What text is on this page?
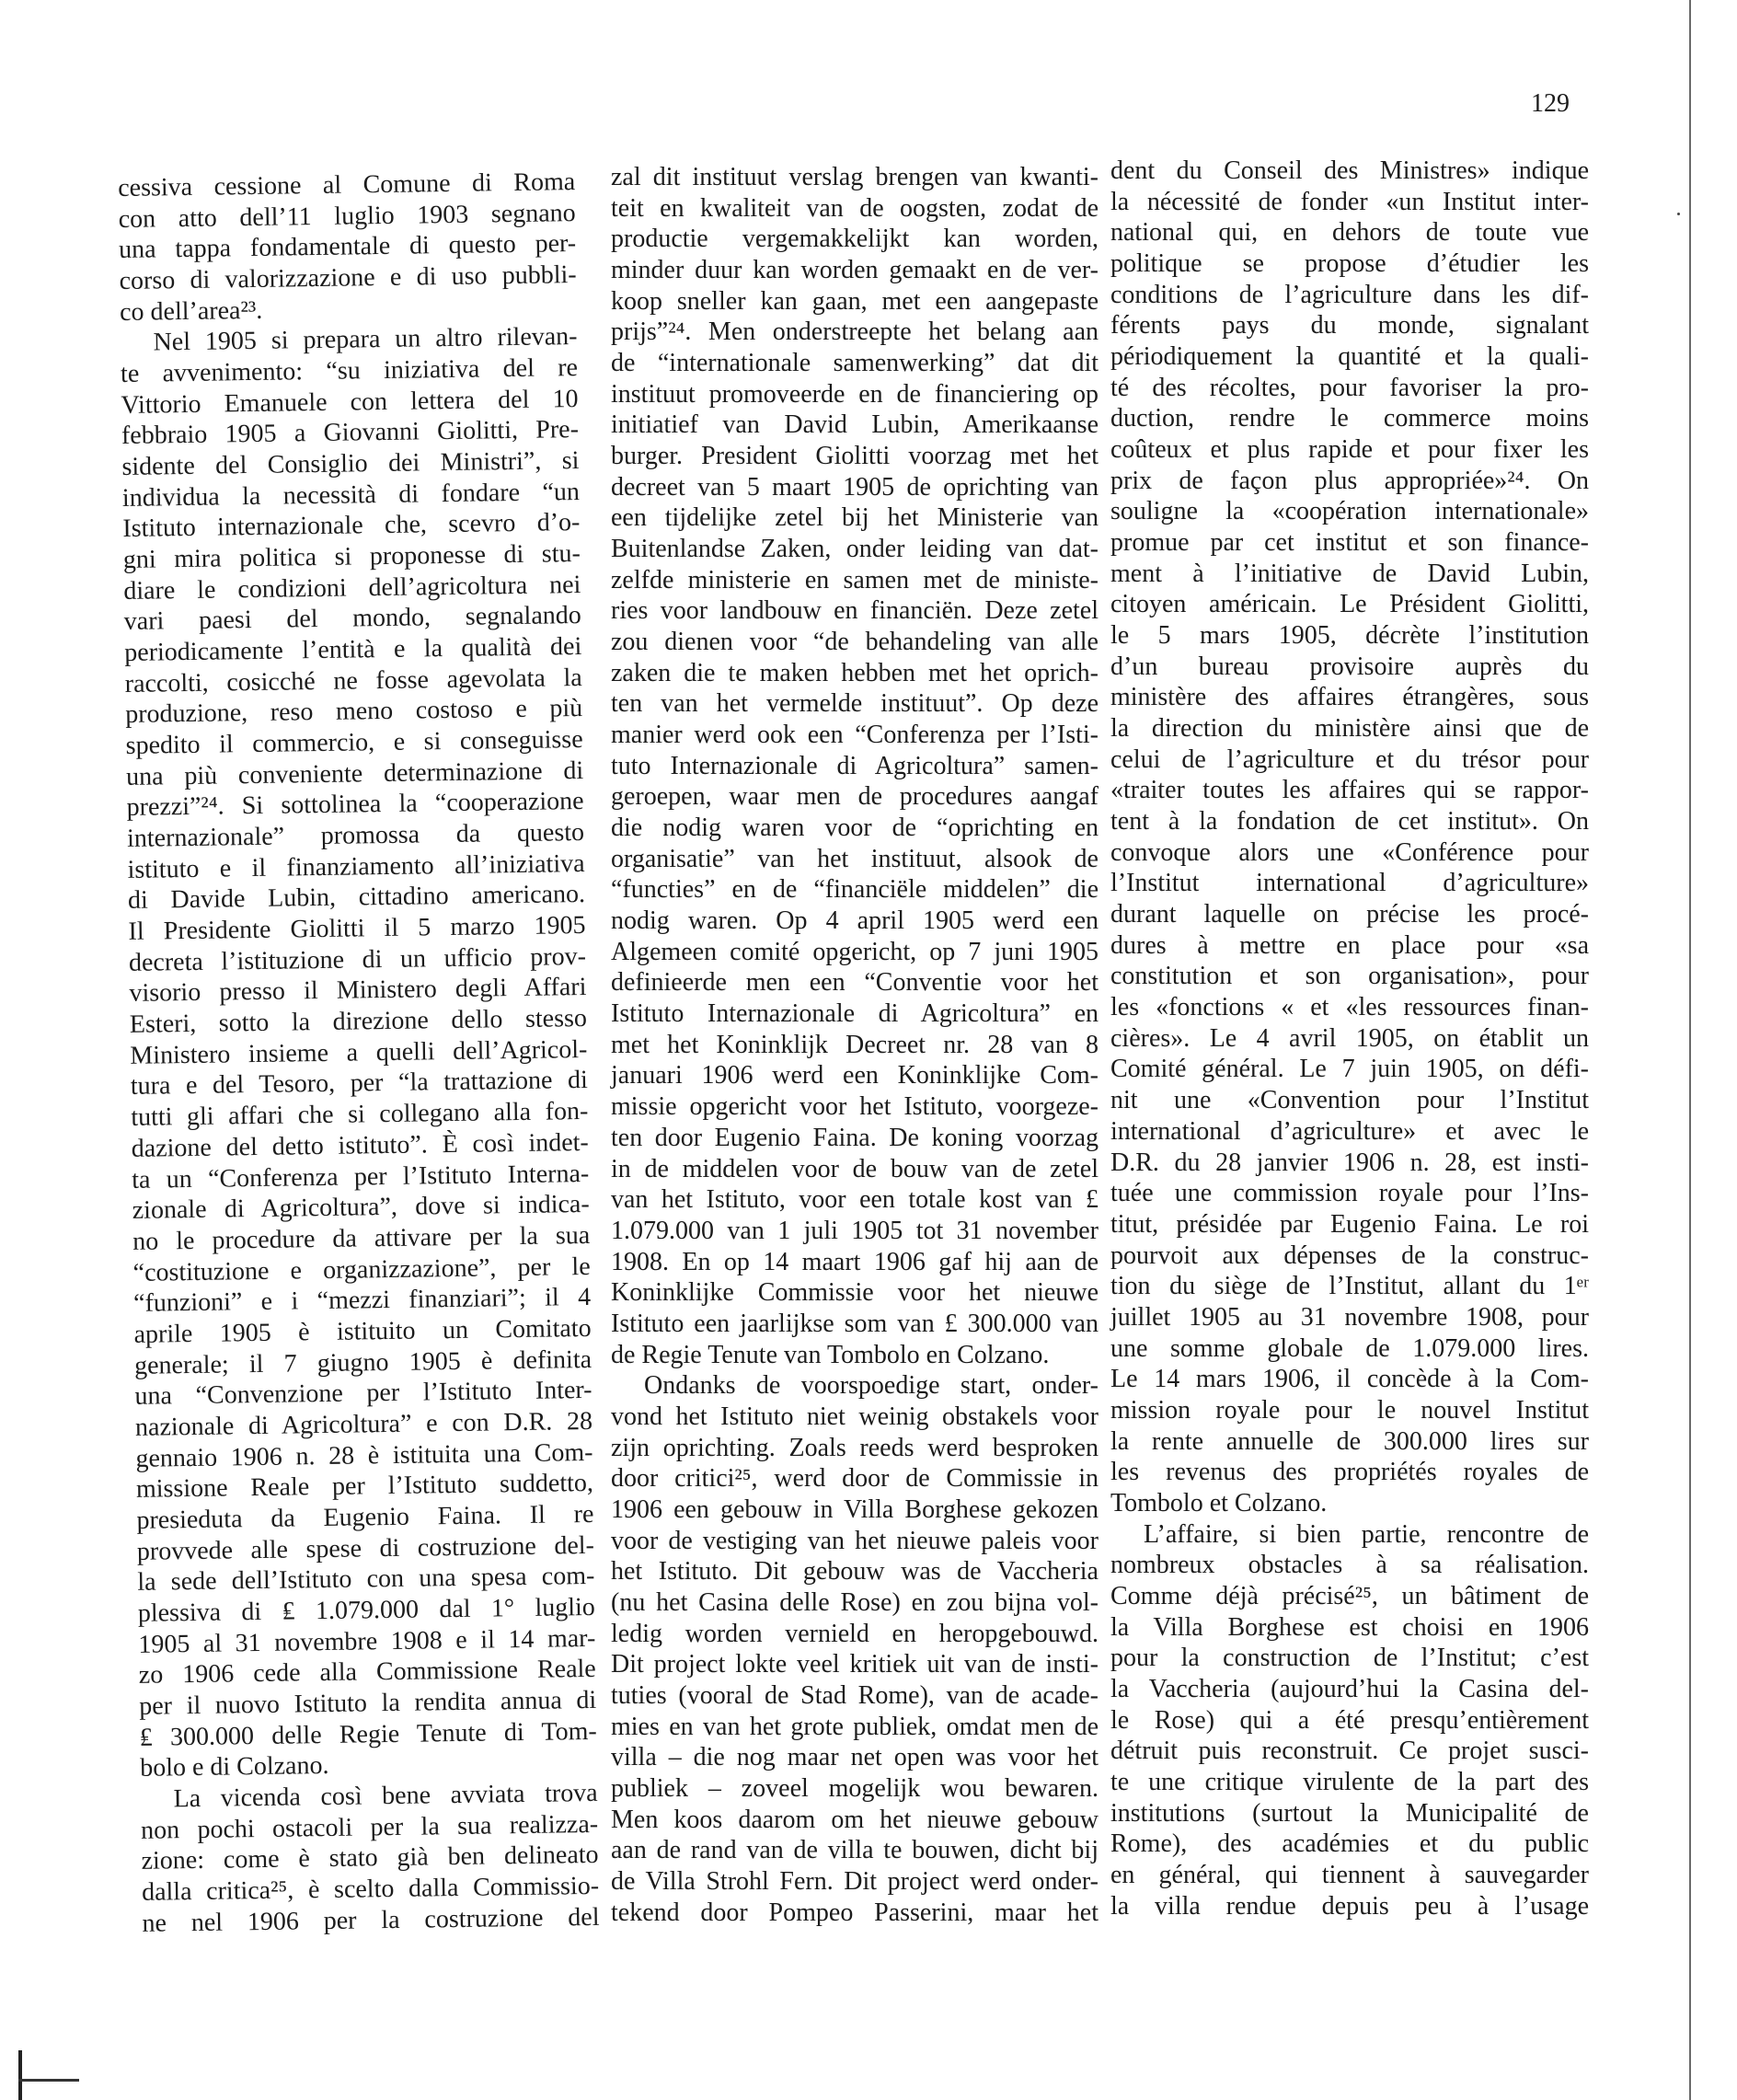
129
cessiva cessione al Comune di Roma
con atto dell’11 luglio 1903 segnano
una tappa fondamentale di questo per-
corso di valorizzazione e di uso pubbli-
co dell’area²³.
Nel 1905 si prepara un altro rilevan-
te avvenimento: “su iniziativa del re
Vittorio Emanuele con lettera del 10
febbraio 1905 a Giovanni Giolitti, Pre-
sidente del Consiglio dei Ministri”, si
individua la necessità di fondare “un
Istituto internazionale che, scevro d’o-
gni mira politica si proponesse di stu-
diare le condizioni dell’agricoltura nei
vari paesi del mondo, segnalando
periodicamente l’entità e la qualità dei
raccolti, cosicché ne fosse agevolata la
produzione, reso meno costoso e più
spedito il commercio, e si conseguisse
una più conveniente determinazione di
prezzi”²⁴. Si sottolinea la “cooperazione
internazionale” promossa da questo
istituto e il finanziamento all’iniziativa
di Davide Lubin, cittadino americano.
Il Presidente Giolitti il 5 marzo 1905
decreta l’istituzione di un ufficio prov-
visorio presso il Ministero degli Affari
Esteri, sotto la direzione dello stesso
Ministero insieme a quelli dell’Agricol-
tura e del Tesoro, per “la trattazione di
tutti gli affari che si collegano alla fon-
dazione del detto istituto”. È così indet-
ta un “Conferenza per l’Istituto Interna-
zionale di Agricoltura”, dove si indica-
no le procedure da attivare per la sua
“costituzione e organizzazione”, per le
“funzioni” e i “mezzi finanziari”; il 4
aprile 1905 è istituito un Comitato
generale; il 7 giugno 1905 è definita
una “Convenzione per l’Istituto Inter-
nazionale di Agricoltura” e con D.R. 28
gennaio 1906 n. 28 è istituita una Com-
missione Reale per l’Istituto suddetto,
presieduta da Eugenio Faina. Il re
provvede alle spese di costruzione del-
la sede dell’Istituto con una spesa com-
plessiva di ₤ 1.079.000 dal 1° luglio
1905 al 31 novembre 1908 e il 14 mar-
zo 1906 cede alla Commissione Reale
per il nuovo Istituto la rendita annua di
₤ 300.000 delle Regie Tenute di Tom-
bolo e di Colzano.
La vicenda così bene avviata trova
non pochi ostacoli per la sua realizza-
zione: come è stato già ben delineato
dalla critica²⁵, è scelto dalla Commissio-
ne nel 1906 per la costruzione del
zal dit instituut verslag brengen van kwanti-
teit en kwaliteit van de oogsten, zodat de
productie vergemakkelijkt kan worden,
minder duur kan worden gemaakt en de ver-
koop sneller kan gaan, met een aangepaste
prijs”²⁴. Men onderstreepte het belang aan
de “internationale samenwerking” dat dit
instituut promoveerde en de financiering op
initiatief van David Lubin, Amerikaanse
burger. President Giolitti voorzag met het
decreet van 5 maart 1905 de oprichting van
een tijdelijke zetel bij het Ministerie van
Buitenlandse Zaken, onder leiding van dat-
zelfde ministerie en samen met de ministe-
ries voor landbouw en financiën. Deze zetel
zou dienen voor “de behandeling van alle
zaken die te maken hebben met het oprich-
ten van het vermelde instituut”. Op deze
manier werd ook een “Conferenza per l’Isti-
tuto Internazionale di Agricoltura” samen-
geroepen, waar men de procedures aangaf
die nodig waren voor de “oprichting en
organisatie” van het instituut, alsook de
“functies” en de “financiële middelen” die
nodig waren. Op 4 april 1905 werd een
Algemeen comité opgericht, op 7 juni 1905
definieerde men een “Conventie voor het
Istituto Internazionale di Agricoltura” en
met het Koninklijk Decreet nr. 28 van 8
januari 1906 werd een Koninklijke Com-
missie opgericht voor het Istituto, voorgeze-
ten door Eugenio Faina. De koning voorzag
in de middelen voor de bouw van de zetel
van het Istituto, voor een totale kost van £
1.079.000 van 1 juli 1905 tot 31 november
1908. En op 14 maart 1906 gaf hij aan de
Koninklijke Commissie voor het nieuwe
Istituto een jaarlijkse som van £ 300.000 van
de Regie Tenute van Tombolo en Colzano.
Ondanks de voorspoedige start, onder-
vond het Istituto niet weinig obstakels voor
zijn oprichting. Zoals reeds werd besproken
door critici²⁵, werd door de Commissie in
1906 een gebouw in Villa Borghese gekozen
voor de vestiging van het nieuwe paleis voor
het Istituto. Dit gebouw was de Vaccheria
(nu het Casina delle Rose) en zou bijna vol-
ledig worden vernield en heropgebouwd.
Dit project lokte veel kritiek uit van de insti-
tuties (vooral de Stad Rome), van de acade-
mies en van het grote publiek, omdat men de
villa – die nog maar net open was voor het
publiek – zoveel mogelijk wou bewaren.
Men koos daarom om het nieuwe gebouw
aan de rand van de villa te bouwen, dicht bij
de Villa Strohl Fern. Dit project werd onder-
tekend door Pompeo Passerini, maar het
dent du Conseil des Ministres» indique
la nécessité de fonder «un Institut inter-
national qui, en dehors de toute vue
politique se propose d’étudier les
conditions de l’agriculture dans les dif-
férents pays du monde, signalant
périodiquement la quantité et la quali-
té des récoltes, pour favoriser la pro-
duction, rendre le commerce moins
coûteux et plus rapide et pour fixer les
prix de façon plus appropriée»²⁴. On
souligne la «coopération internationale»
promue par cet institut et son finance-
ment à l’initiative de David Lubin,
citoyen américain. Le Président Giolitti,
le 5 mars 1905, décrète l’institution
d’un bureau provisoire auprès du
ministère des affaires étrangères, sous
la direction du ministère ainsi que de
celui de l’agriculture et du trésor pour
«traiter toutes les affaires qui se rappor-
tent à la fondation de cet institut». On
convoque alors une «Conférence pour
l’Institut international d’agriculture»
durant laquelle on précise les procé-
dures à mettre en place pour «sa
constitution et son organisation», pour
les «fonctions « et «les ressources finan-
cières». Le 4 avril 1905, on établit un
Comité général. Le 7 juin 1905, on défi-
nit une «Convention pour l’Institut
international d’agriculture» et avec le
D.R. du 28 janvier 1906 n. 28, est insti-
tuée une commission royale pour l’Ins-
titut, présidée par Eugenio Faina. Le roi
pourvoit aux dépenses de la construc-
tion du siège de l’Institut, allant du 1ᵉʳ
juillet 1905 au 31 novembre 1908, pour
une somme globale de 1.079.000 lires.
Le 14 mars 1906, il concède à la Com-
mission royale pour le nouvel Institut
la rente annuelle de 300.000 lires sur
les revenus des propriétés royales de
Tombolo et Colzano.
L’affaire, si bien partie, rencontre de
nombreux obstacles à sa réalisation.
Comme déjà précisé²⁵, un bâtiment de
la Villa Borghese est choisi en 1906
pour la construction de l’Institut; c’est
la Vaccheria (aujourd’hui la Casina del-
le Rose) qui a été presqu’entièrement
détruit puis reconstruit. Ce projet susci-
te une critique virulente de la part des
institutions (surtout la Municipalité de
Rome), des académies et du public
en général, qui tiennent à sauvegarder
la villa rendue depuis peu à l’usage
